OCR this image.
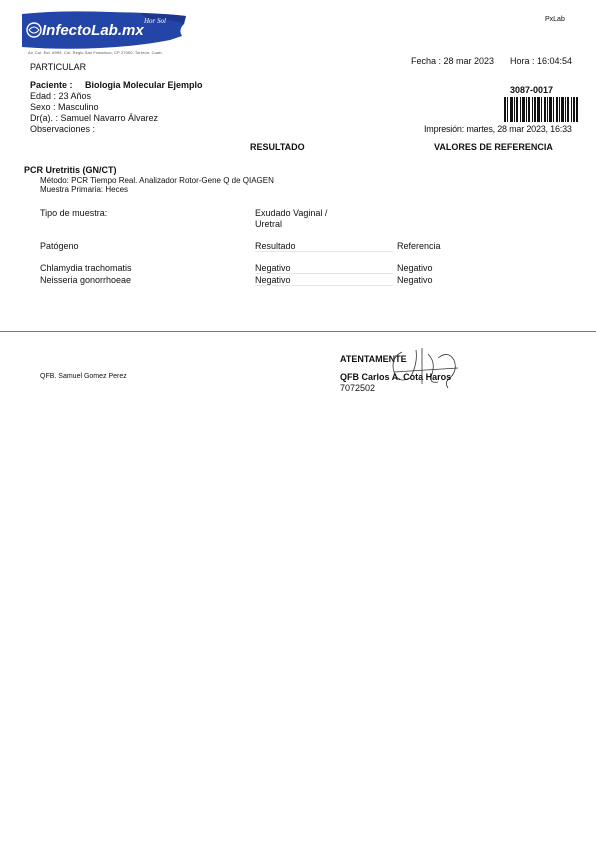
InfectoLab.mx
Hor Sol
Av. Col. Est. #999, Col. Regio San Francisco, CP 27000, Torreón, Coah.
PxLab
PARTICULAR
Fecha : 28 mar 2023 Hora : 16:04:54
Paciente : Biologia Molecular Ejemplo
Edad : 23 Años
Sexo : Masculino
Dr(a). : Samuel Navarro Álvarez
Observaciones :
3087-0017
Impresión: martes, 28 mar 2023, 16:33
RESULTADO	VALORES DE REFERENCIA
PCR Uretritis (GN/CT)
Método: PCR Tiempo Real. Analizador Rotor-Gene Q de QIAGEN
Muestra Primaria: Heces
Tipo de muestra:	Exudado Vaginal /
Uretral
Patógeno	Resultado	Referencia
Chlamydia trachomatis	Negativo	Negativo
Neisseria gonorrhoeae	Negativo	Negativo
QFB. Samuel Gomez Perez
ATENTAMENTE
QFB Carlos A. Cota Haros
7072502
